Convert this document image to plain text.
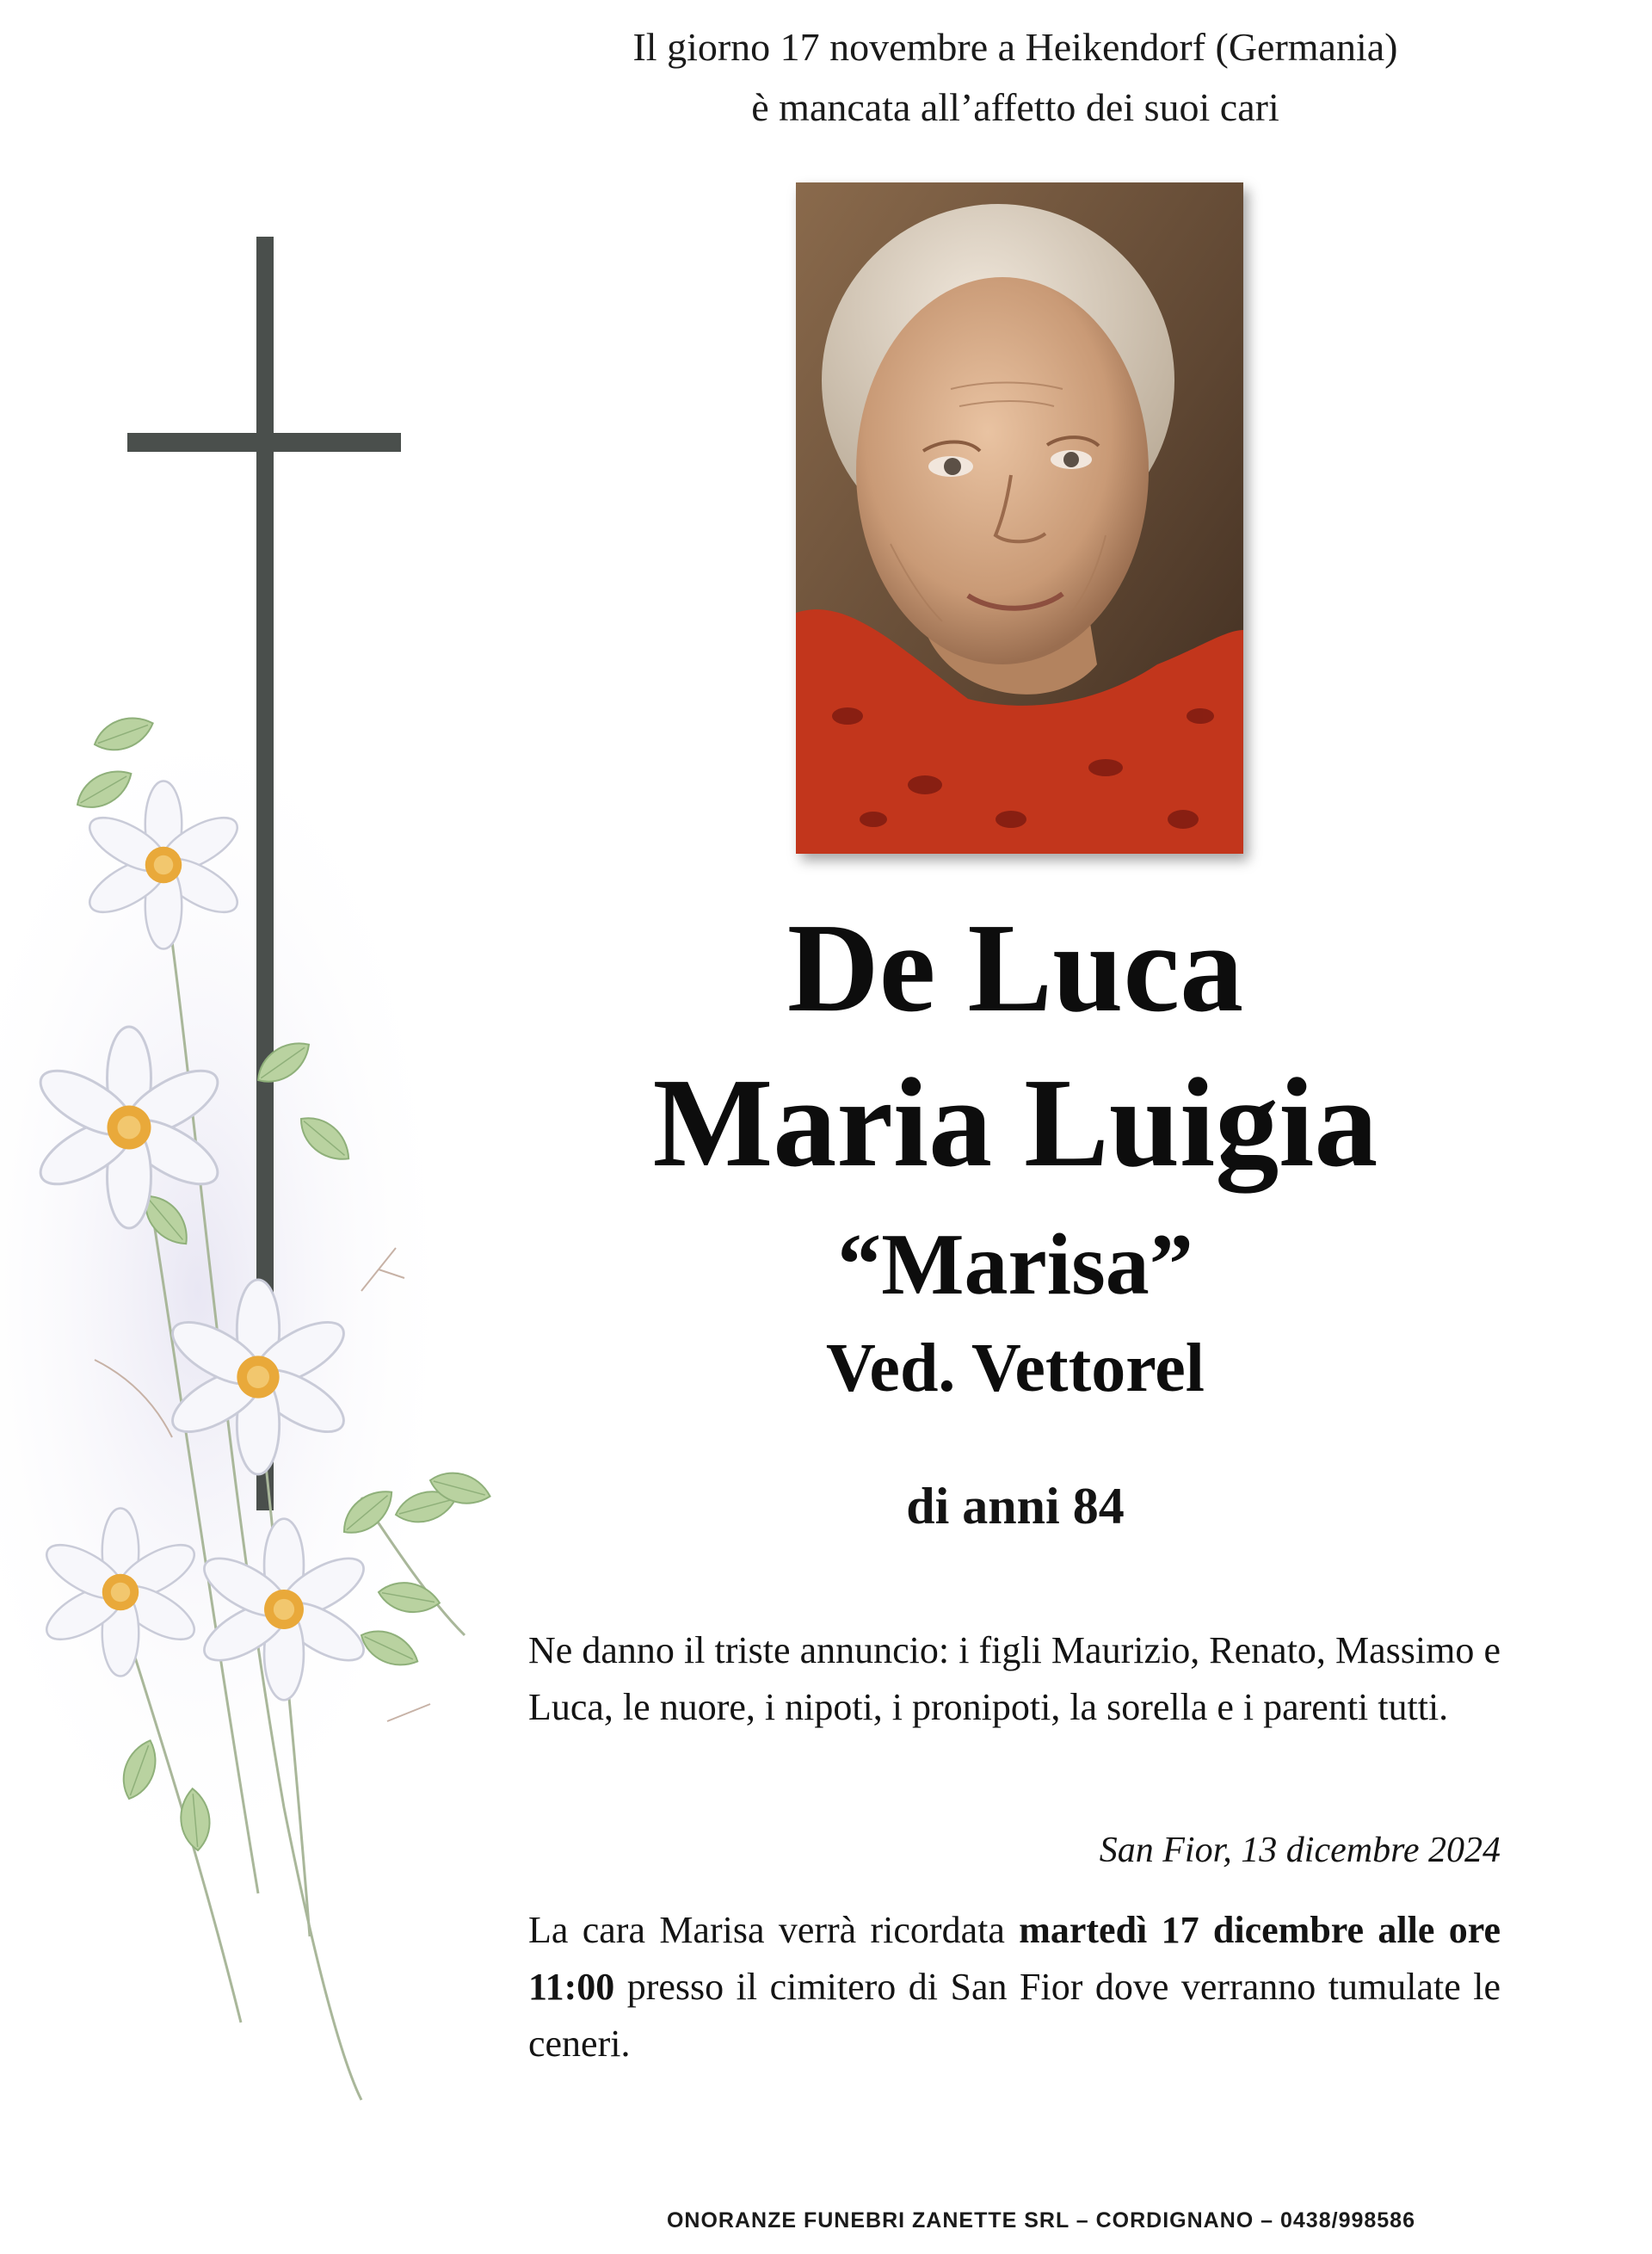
Il giorno 17 novembre a Heikendorf (Germania)
è mancata all’affetto dei suoi cari
De Luca
Maria Luigia
“Marisa”
Ved. Vettorel
di anni 84

Ne danno il triste annuncio: i figli Maurizio, Renato, Massimo e Luca, le nuore, i nipoti, i pronipoti, la sorella e i parenti tutti.

San Fior, 13 dicembre 2024

La cara Marisa verrà ricordata martedì 17 dicembre alle ore 11:00 presso il cimitero di San Fior dove verranno tumulate le ceneri.

ONORANZE FUNEBRI ZANETTE SRL – CORDIGNANO – 0438/998586
